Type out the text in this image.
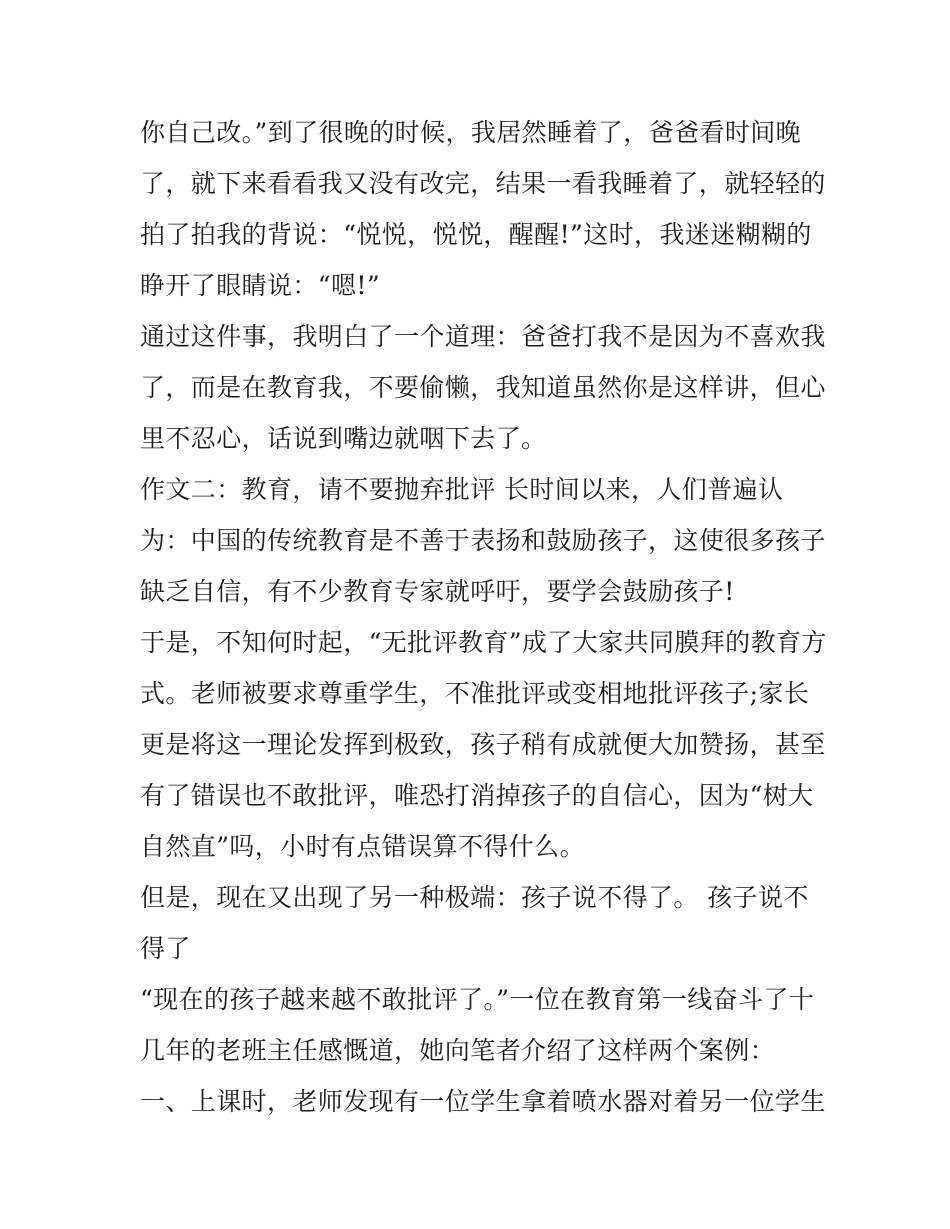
你自己改。”到了很晚的时候，我居然睡着了，爸爸看时间晚
了，就下来看看我又没有改完，结果一看我睡着了，就轻轻的
拍了拍我的背说：“悦悦，悦悦，醒醒!”这时，我迷迷糊糊的
睁开了眼睛说：“嗯!”
通过这件事，我明白了一个道理：爸爸打我不是因为不喜欢我
了，而是在教育我，不要偷懒，我知道虽然你是这样讲，但心
里不忍心，话说到嘴边就咽下去了。
作文二：教育，请不要抛弃批评 长时间以来，人们普遍认
为：中国的传统教育是不善于表扬和鼓励孩子，这使很多孩子
缺乏自信，有不少教育专家就呼吁，要学会鼓励孩子!
于是，不知何时起，“无批评教育”成了大家共同膜拜的教育方
式。老师被要求尊重学生，不准批评或变相地批评孩子;家长
更是将这一理论发挥到极致，孩子稍有成就便大加赞扬，甚至
有了错误也不敢批评，唯恐打消掉孩子的自信心，因为“树大
自然直”吗，小时有点错误算不得什么。
但是，现在又出现了另一种极端：孩子说不得了。 孩子说不
得了
“现在的孩子越来越不敢批评了。”一位在教育第一线奋斗了十
几年的老班主任感慨道，她向笔者介绍了这样两个案例：
一、上课时，老师发现有一位学生拿着喷水器对着另一位学生
